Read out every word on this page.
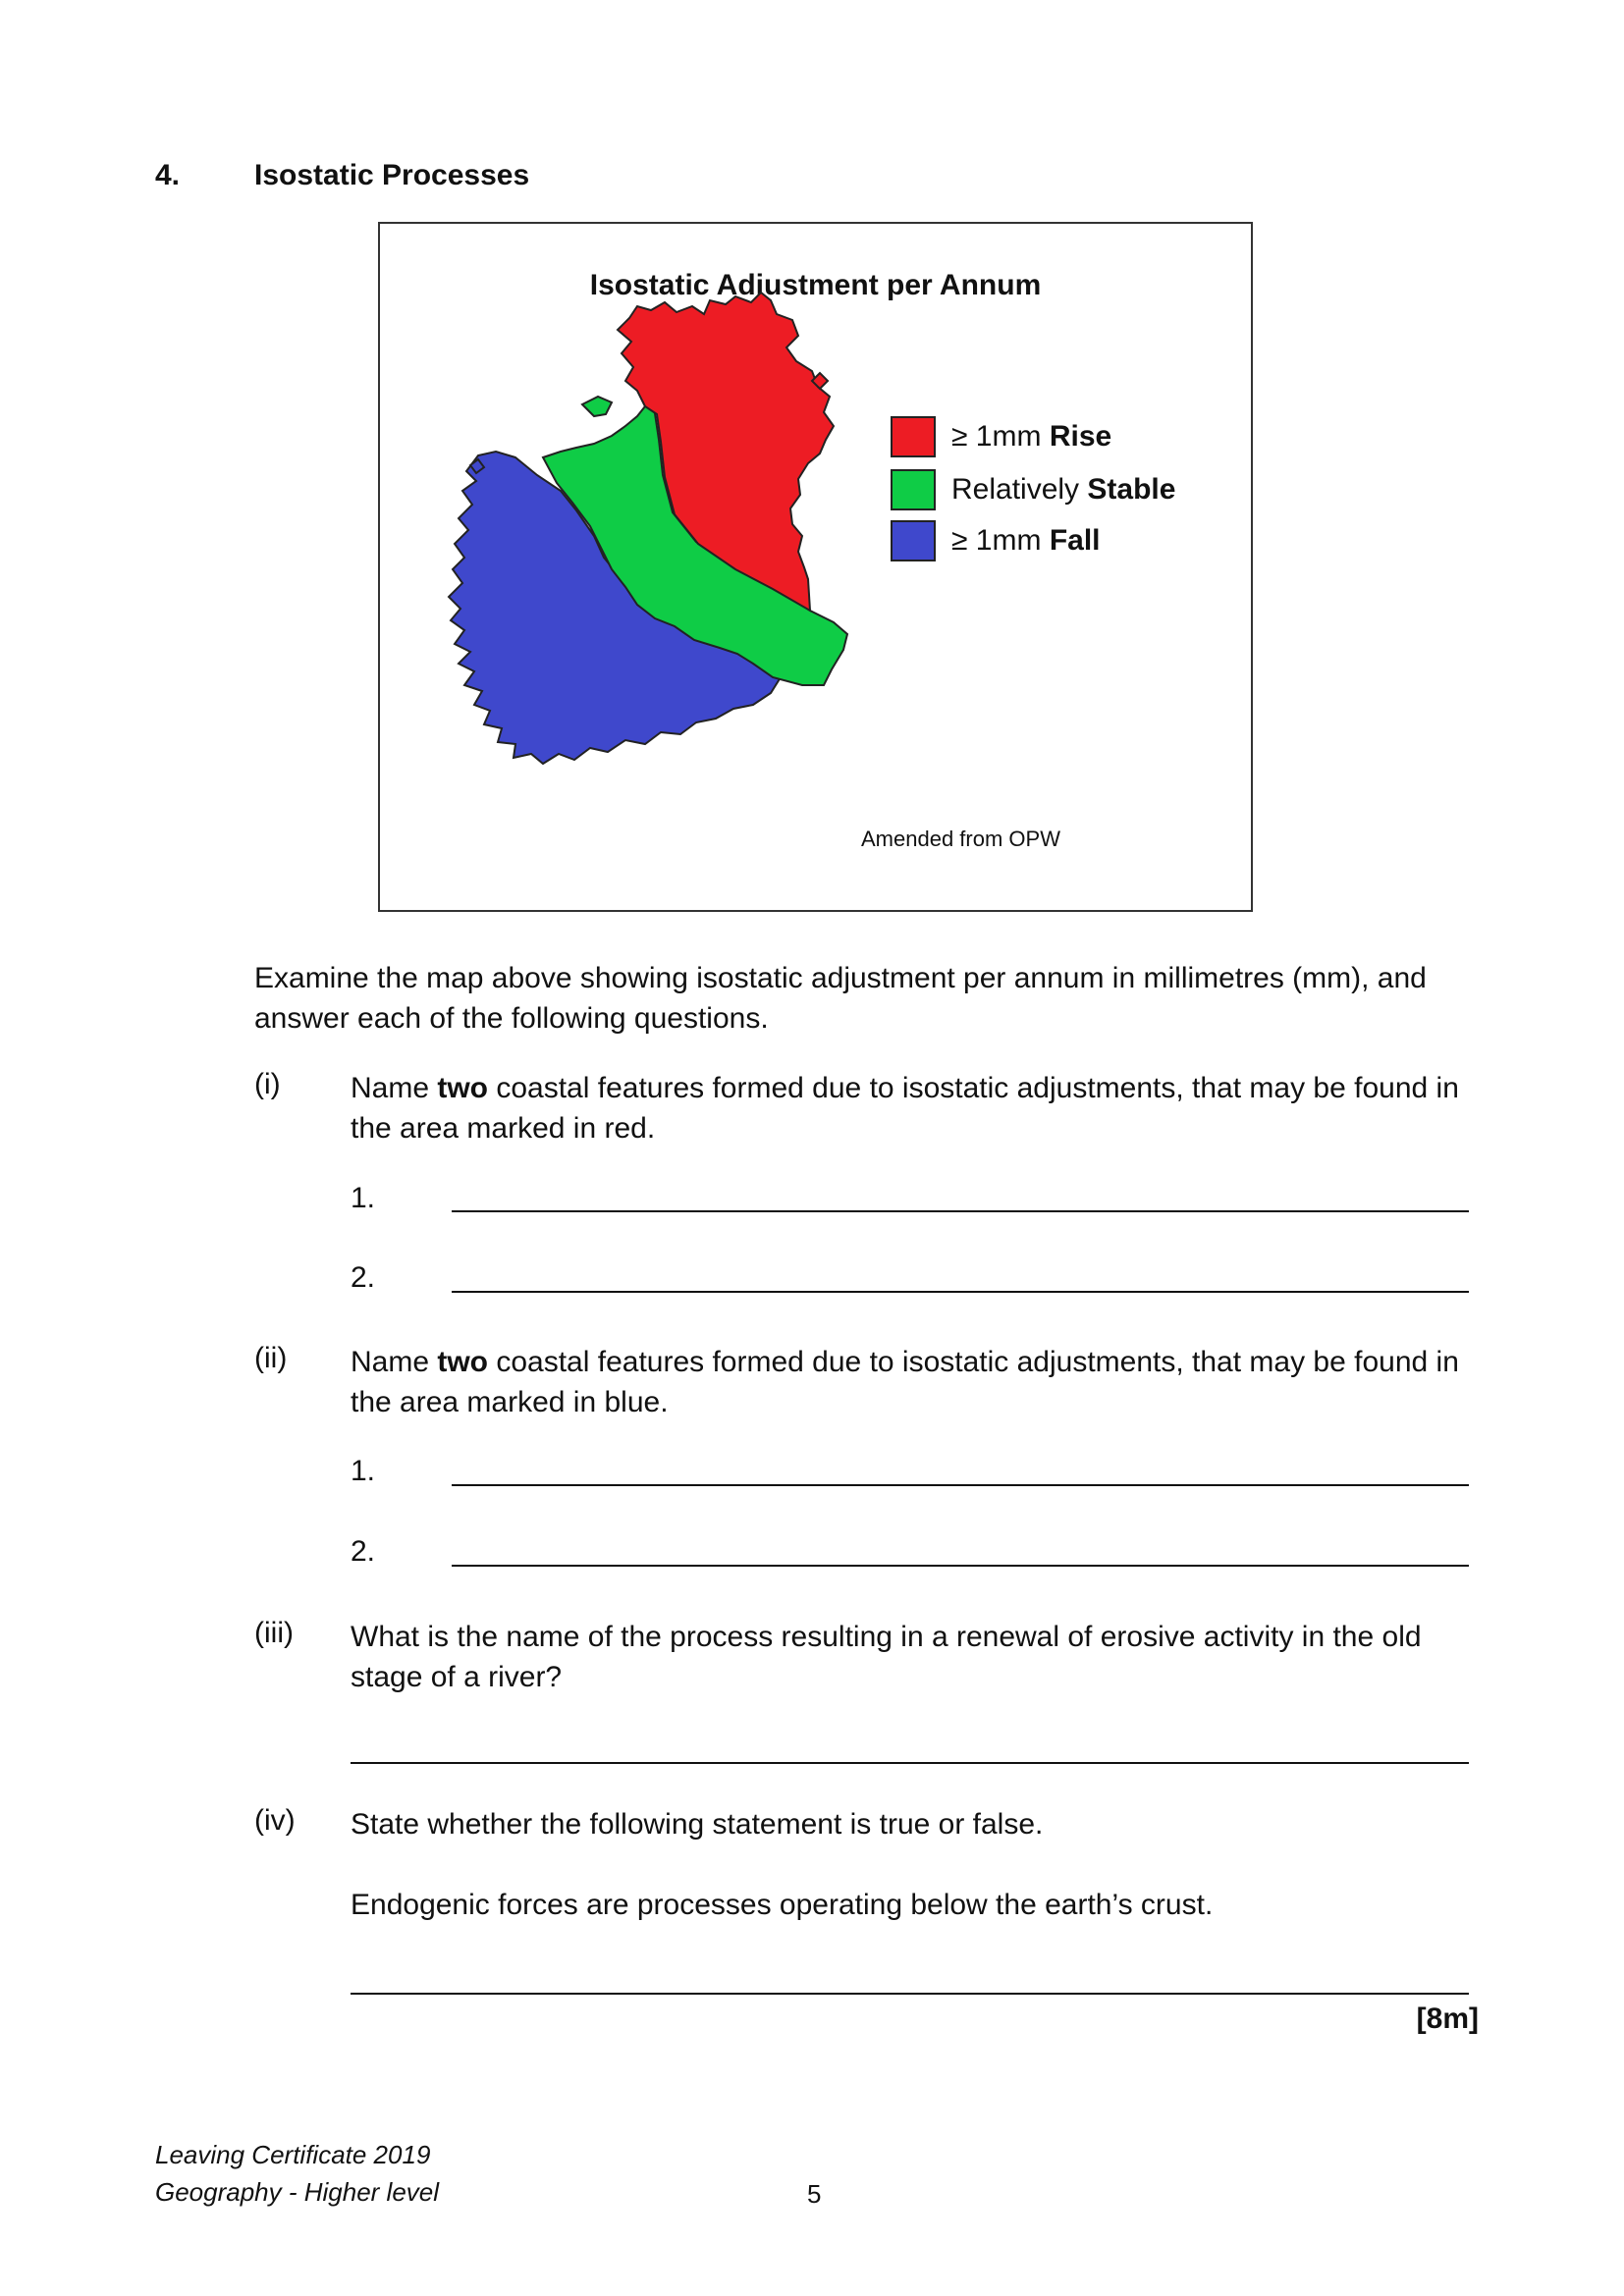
4.	Isostatic Processes
Isostatic Adjustment per Annum
≥ 1mm Rise
Relatively Stable
≥ 1mm Fall
Amended from OPW
Examine the map above showing isostatic adjustment per annum in millimetres (mm), and answer each of the following questions.
(i) Name two coastal features formed due to isostatic adjustments, that may be found in the area marked in red.
1.
2.
(ii) Name two coastal features formed due to isostatic adjustments, that may be found in the area marked in blue.
1.
2.
(iii) What is the name of the process resulting in a renewal of erosive activity in the old stage of a river?
(iv) State whether the following statement is true or false.
Endogenic forces are processes operating below the earth’s crust.
[8m]
Leaving Certificate 2019
Geography - Higher level	5
